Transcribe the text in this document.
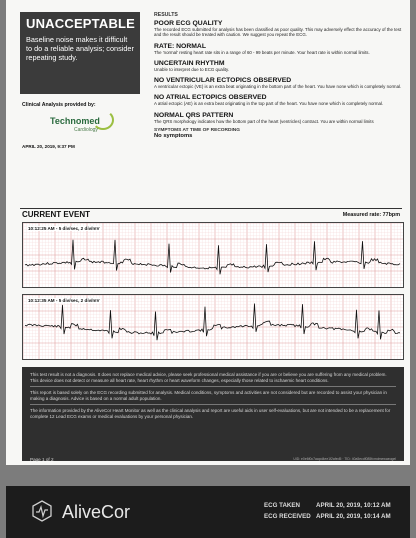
UNACCEPTABLE
Baseline noise makes it difficult to do a reliable analysis; consider repeating study.
Clinical Analysis provided by:
Technomed
Cardiology
APRIL 20, 2019, 9:37 PM
RESULTS
POOR ECG QUALITY
The recorded ECG submitted for analysis has been classified as poor quality. This may adversely effect the accuracy of the test and the result should be treated with caution. We suggest you repeat the ECG.
RATE: NORMAL
The 'normal' resting heart rate sits in a range of 60 - 99 beats per minute. Your heart rate is within normal limits.
UNCERTAIN RHYTHM
Unable to interpret due to ECG quality.
NO VENTRICULAR ECTOPICS OBSERVED
A ventricular ectopic (VE) is an extra beat originating in the bottom part of the heart. You have none which is completely normal.
NO ATRIAL ECTOPICS OBSERVED
A atrial ectopic (AE) is an extra beat originating in the top part of the heart. You have none which is completely normal.
NORMAL QRS PATTERN
The QRS morphology indicates how the bottom part of the heart (ventricles) contract. You are within normal limits
SYMPTOMS AT TIME OF RECORDING
No symptoms
CURRENT EVENT	Measured rate: 77bpm
10:12:25 AM - 5 div/sec, 2 div/mV
10:12:35 AM - 5 div/sec, 2 div/mV
This test result is not a diagnosis. It does not replace medical advice, please seek professional medical assistance if you are or believe you are suffering from any medical problem. This device does not detect or measure all heart rate, heart rhythm or heart waveform changes, especially those related to ischaemic heart conditions.
This report is based solely on the ECG recording submitted for analysis. Medical conditions, symptoms and activities are not considered but are recorded to assist your physician in making a diagnosis. Advice is based on a normal adult population.
The information provided by the AliveCor Heart Monitor as well as the clinical analysis and report are useful aids in user self-evaluations, but are not intended to be a replacement for complete 12 Lead ECG exams or medical evaluations by your personal physician.
Page 1 of 2	UID: e0e6f0c7aapd4ee1f2afed5 · TID: 40a5ecdf085fcmdmewaeogel
AliveCor	ECG TAKEN	APRIL 20, 2019, 10:12 AM
ECG RECEIVED APRIL 20, 2019, 10:14 AM
